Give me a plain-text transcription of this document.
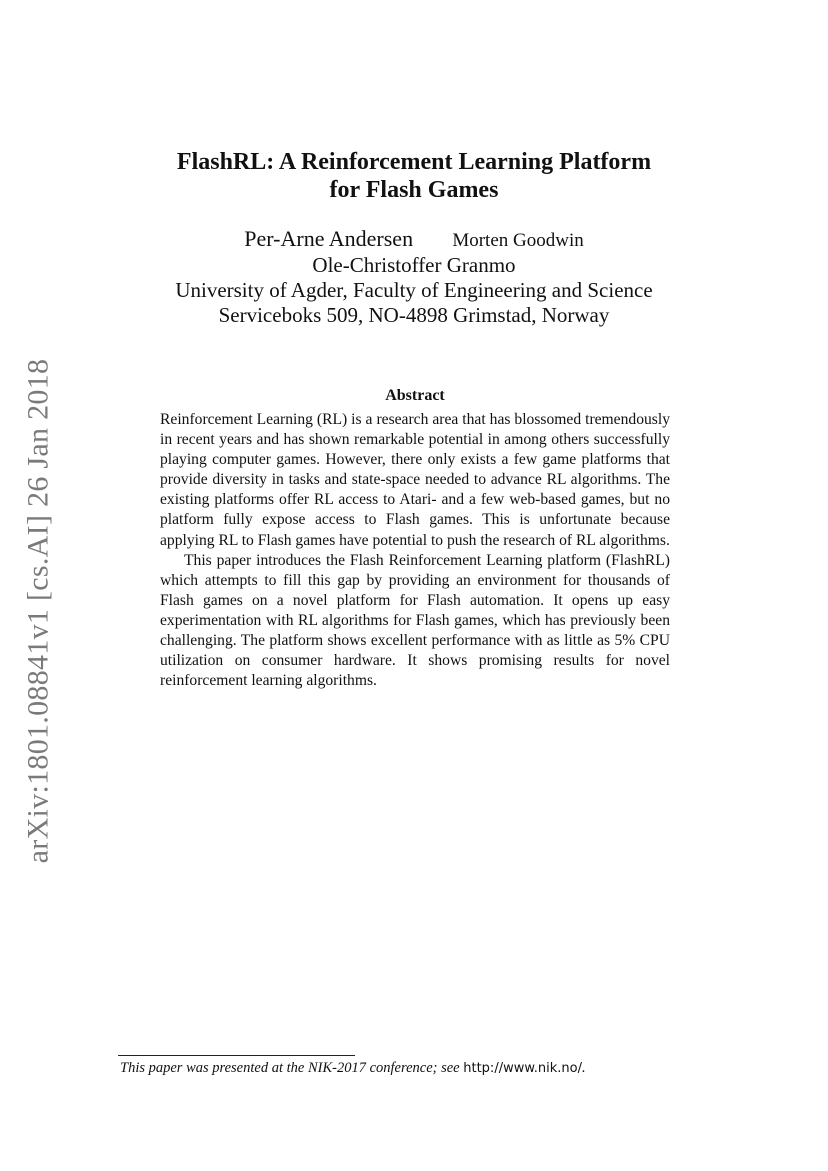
arXiv:1801.08841v1 [cs.AI] 26 Jan 2018
FlashRL: A Reinforcement Learning Platform
for Flash Games
Per-Arne Andersen Morten Goodwin
Ole-Christoffer Granmo
University of Agder, Faculty of Engineering and Science
Serviceboks 509, NO-4898 Grimstad, Norway
Abstract

Reinforcement Learning (RL) is a research area that has blossomed tremendously in recent years and has shown remarkable potential in among others successfully playing computer games. However, there only exists a few game platforms that provide diversity in tasks and state-space needed to advance RL algorithms. The existing platforms offer RL access to Atari- and a few web-based games, but no platform fully expose access to Flash games. This is unfortunate because applying RL to Flash games have potential to push the research of RL algorithms.

This paper introduces the Flash Reinforcement Learning platform (FlashRL) which attempts to fill this gap by providing an environment for thousands of Flash games on a novel platform for Flash automation. It opens up easy experimentation with RL algorithms for Flash games, which has previously been challenging. The platform shows excellent performance with as little as 5% CPU utilization on consumer hardware. It shows promising results for novel reinforcement learning algorithms.

This paper was presented at the NIK-2017 conference; see http://www.nik.no/.
